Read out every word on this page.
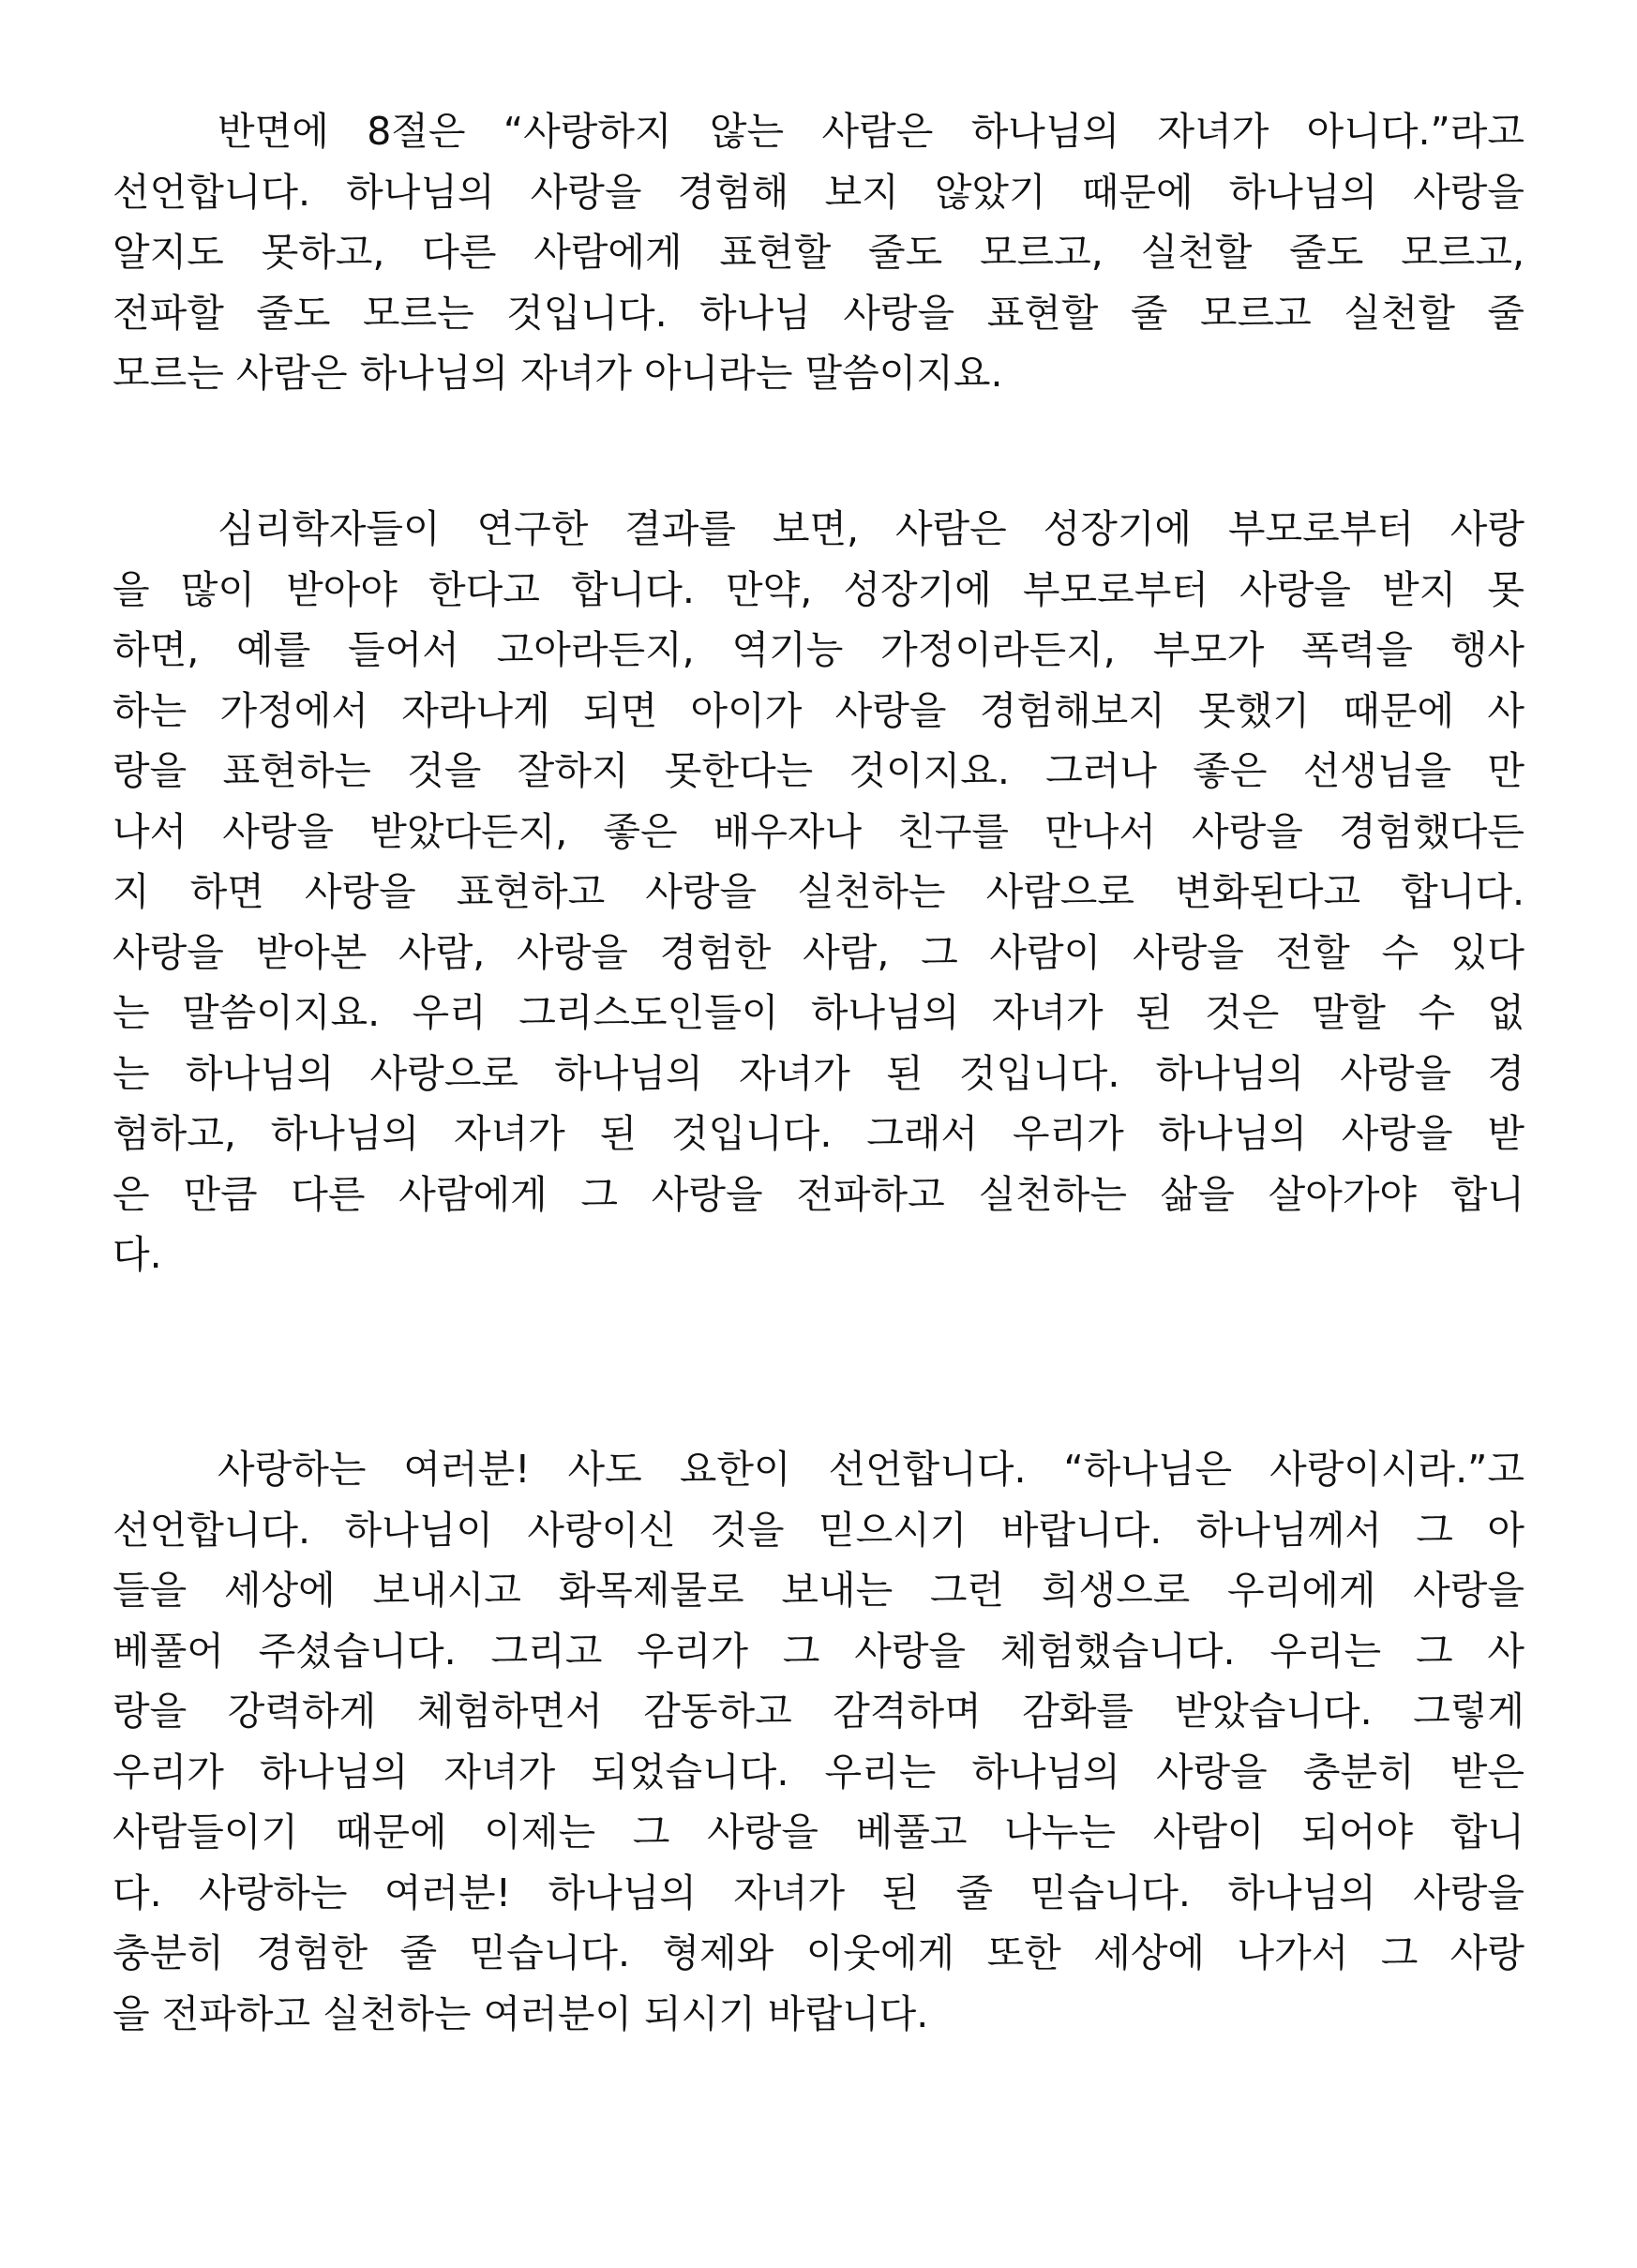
반면에 8절은 “사랑하지 않는 사람은 하나님의 자녀가 아니다.”라고
선언합니다. 하나님의 사랑을 경험해 보지 않았기 때문에 하나님의 사랑을
알지도 못하고, 다른 사람에게 표현할 줄도 모르고, 실천할 줄도 모르고,
전파할 줄도 모르는 것입니다. 하나님 사랑을 표현할 줄 모르고 실천할 줄
모르는 사람은 하나님의 자녀가 아니라는 말씀이지요.
심리학자들이 연구한 결과를 보면, 사람은 성장기에 부모로부터 사랑
을 많이 받아야 한다고 합니다. 만약, 성장기에 부모로부터 사랑을 받지 못
하면, 예를 들어서 고아라든지, 역기능 가정이라든지, 부모가 폭력을 행사
하는 가정에서 자라나게 되면 아이가 사랑을 경험해보지 못했기 때문에 사
랑을 표현하는 것을 잘하지 못한다는 것이지요. 그러나 좋은 선생님을 만
나서 사랑을 받았다든지, 좋은 배우자나 친구를 만나서 사랑을 경험했다든
지 하면 사랑을 표현하고 사랑을 실천하는 사람으로 변화된다고 합니다.
사랑을 받아본 사람, 사랑을 경험한 사람, 그 사람이 사랑을 전할 수 있다
는 말씀이지요. 우리 그리스도인들이 하나님의 자녀가 된 것은 말할 수 없
는 하나님의 사랑으로 하나님의 자녀가 된 것입니다. 하나님의 사랑을 경
험하고, 하나님의 자녀가 된 것입니다. 그래서 우리가 하나님의 사랑을 받
은 만큼 다른 사람에게 그 사랑을 전파하고 실천하는 삶을 살아가야 합니
다.
사랑하는 여러분! 사도 요한이 선언합니다. “하나님은 사랑이시라.”고
선언합니다. 하나님이 사랑이신 것을 믿으시기 바랍니다. 하나님께서 그 아
들을 세상에 보내시고 화목제물로 보내는 그런 희생으로 우리에게 사랑을
베풀어 주셨습니다. 그리고 우리가 그 사랑을 체험했습니다. 우리는 그 사
랑을 강력하게 체험하면서 감동하고 감격하며 감화를 받았습니다. 그렇게
우리가 하나님의 자녀가 되었습니다. 우리는 하나님의 사랑을 충분히 받은
사람들이기 때문에 이제는 그 사랑을 베풀고 나누는 사람이 되어야 합니
다. 사랑하는 여러분! 하나님의 자녀가 된 줄 믿습니다. 하나님의 사랑을
충분히 경험한 줄 믿습니다. 형제와 이웃에게 또한 세상에 나가서 그 사랑
을 전파하고 실천하는 여러분이 되시기 바랍니다.
